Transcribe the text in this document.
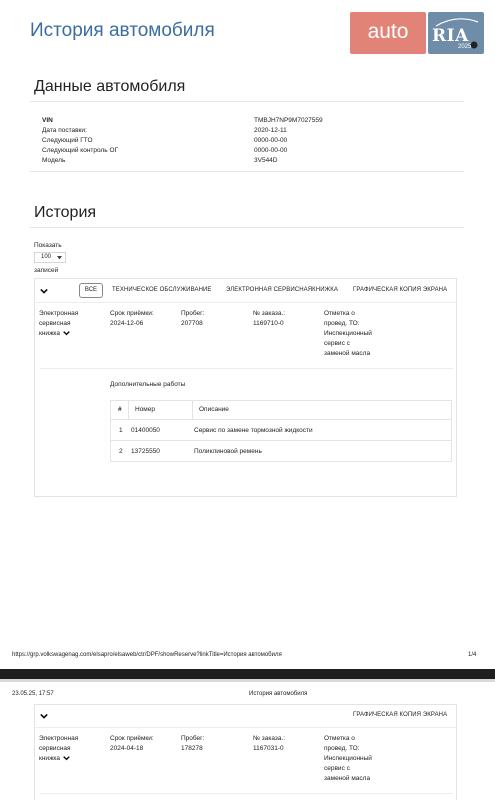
История автомобиля	auto	RIA
2025
Данные автомобиля
VIN	TMBJH7NP9M7027559
Дата поставки:	2020-12-11
Следующий ГТО	0000-00-00
Следующий контроль ОГ	0000-00-00
Модель	3V544D
История
Показать
100
записей
ВСЕ	ТЕХНИЧЕСКОЕ ОБСЛУЖИВАНИЕ ЭЛЕКТРОННАЯ СЕРВИСНАЯКНИЖКА	ГРАФИЧЕСКАЯ КОПИЯ ЭКРАНА
Электронная
сервисная
книжка
Срок приёмки:
2024-12-06
Пробег:
207708
№ заказа.:
1169710-0
Отметка о
провед. ТО:
Инспекционный
сервис с
заменой масла
Дополнительные работы
# Номер	Описание
1 01400050	Сервис по замене тормозной жидкости
2 13725550	Поликлиновой ремень
https://grp.volkswagenag.com/elsapro/elsaweb/ctr/DPF/showReserve?linkTitle=История автомобиля	1/4
23.05.25, 17:57	История автомобиля
ГРАФИЧЕСКАЯ КОПИЯ ЭКРАНА
Электронная
сервисная
книжка
Срок приёмки:
2024-04-18
Пробег:
178278
№ заказа.:
1167031-0
Отметка о
провед. ТО:
Инспекционный
сервис с
заменой масла
